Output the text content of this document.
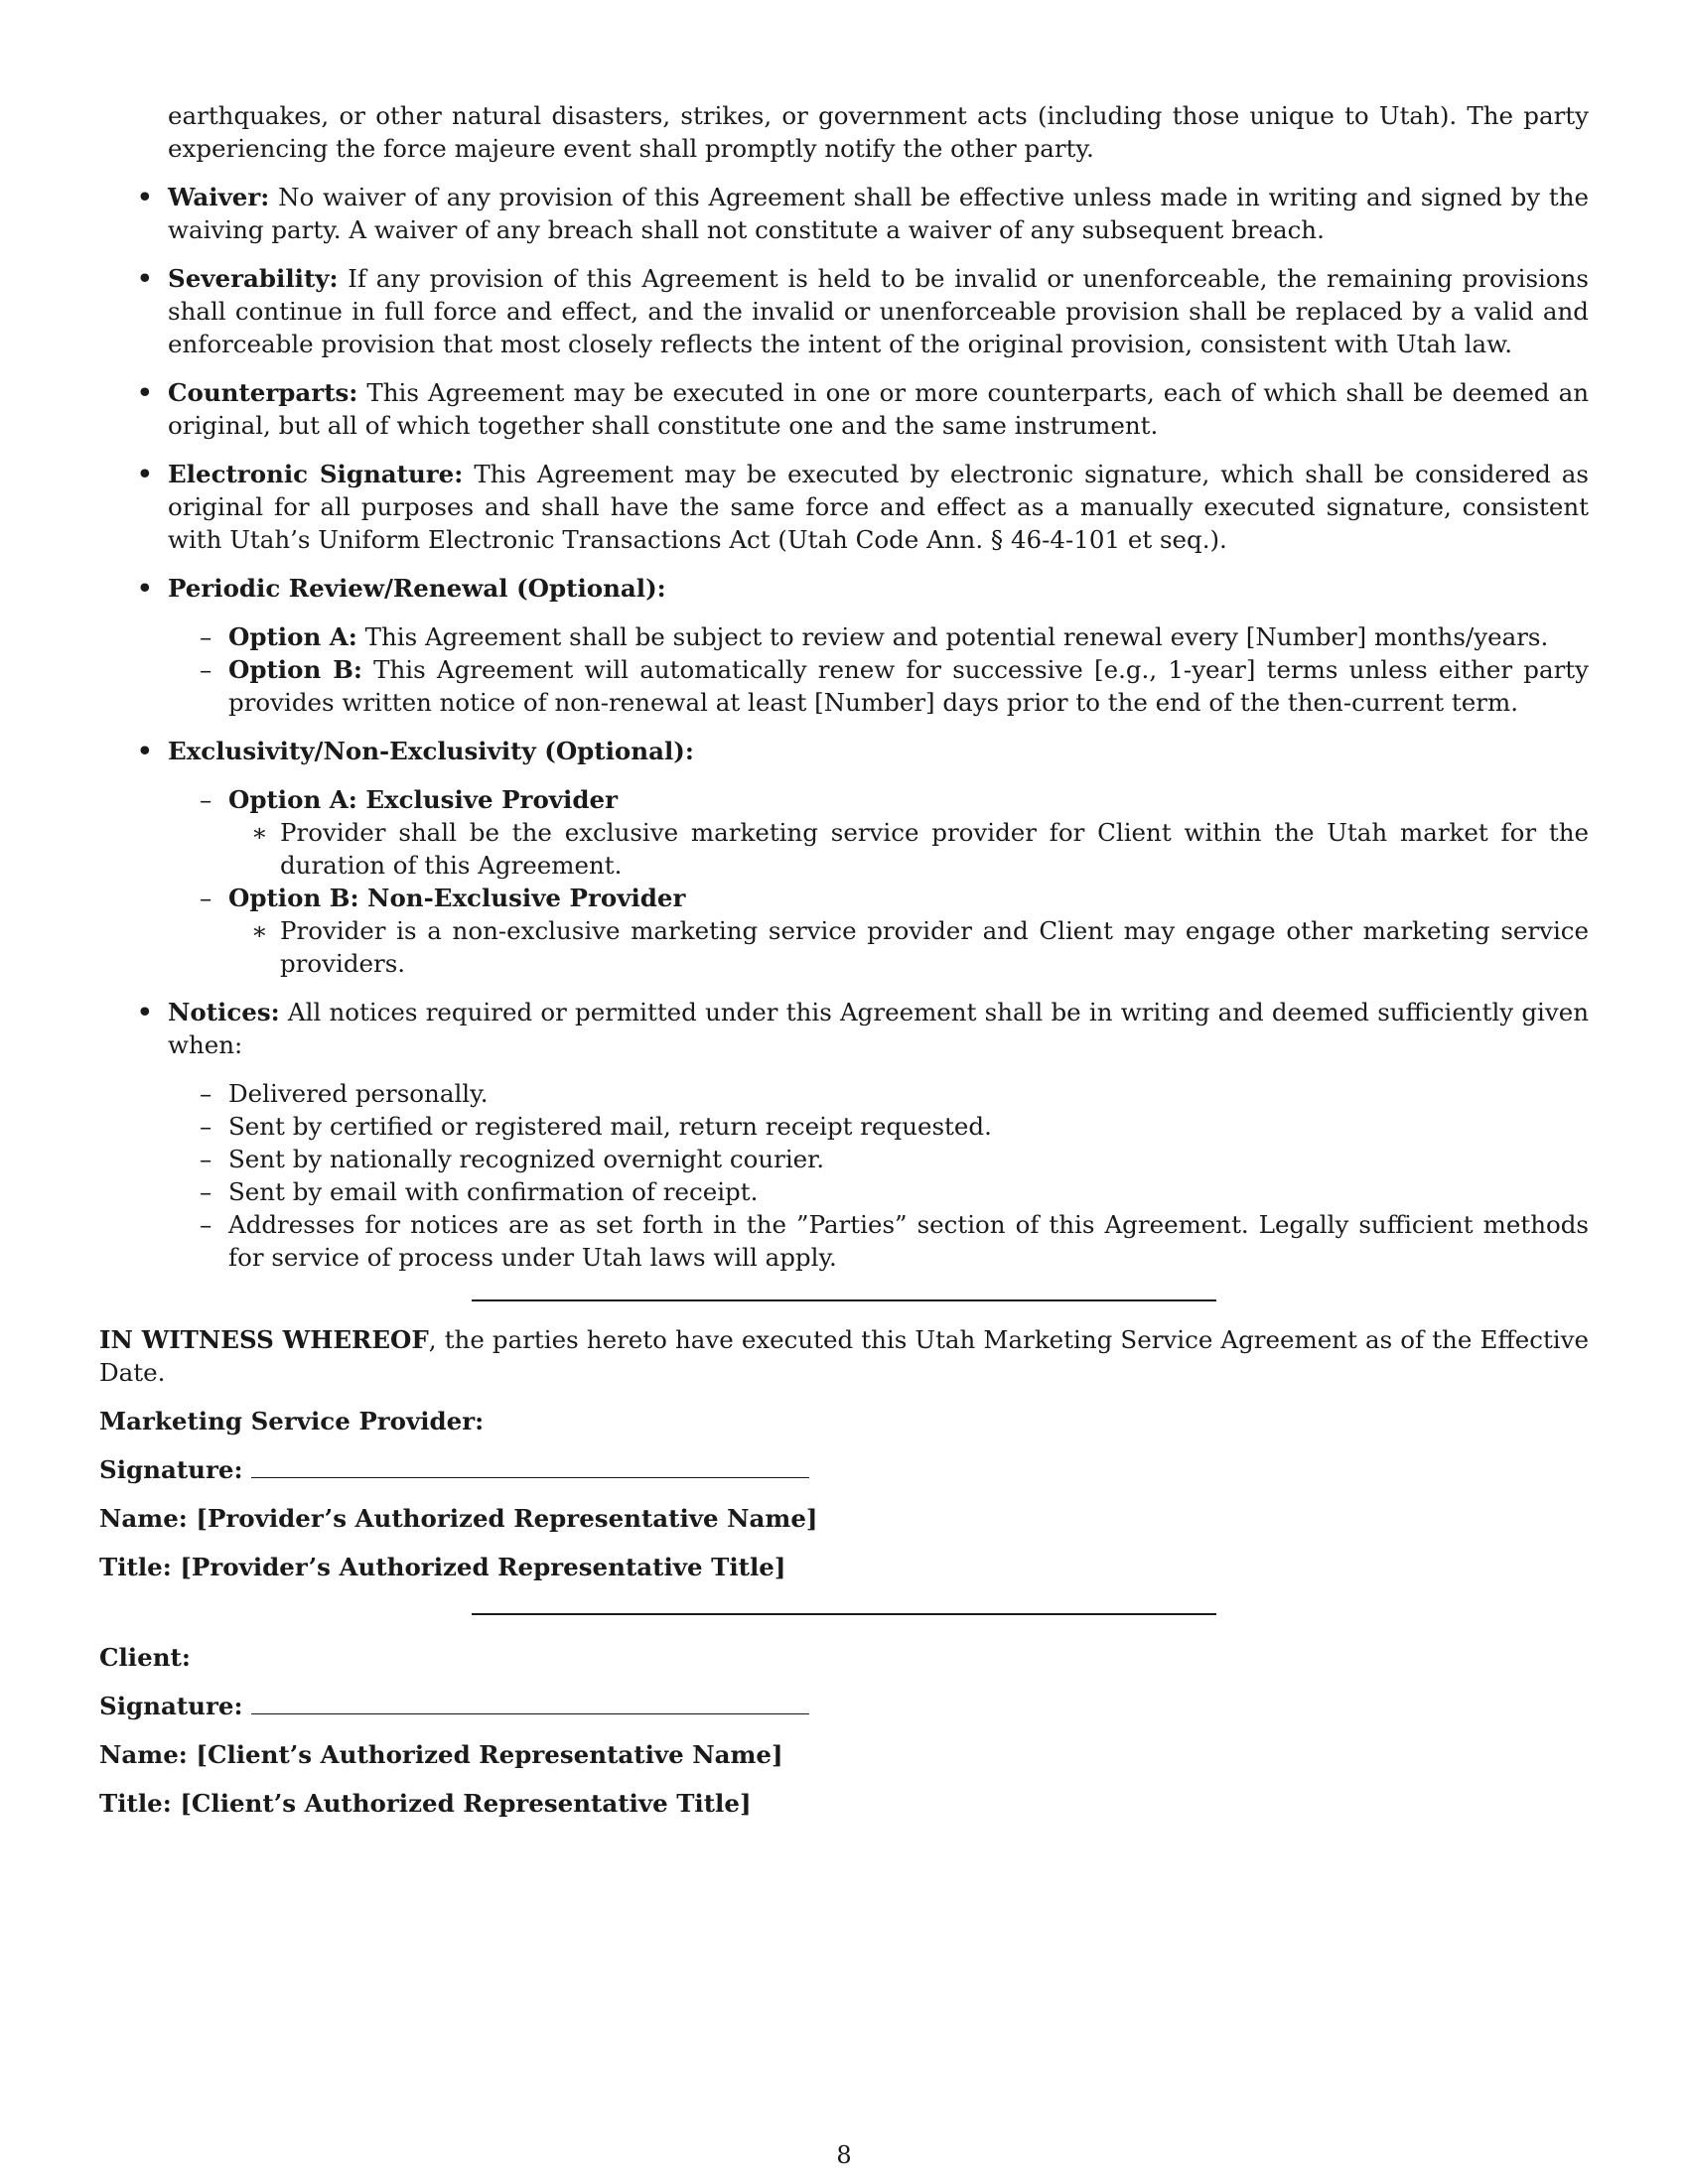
earthquakes, or other natural disasters, strikes, or government acts (including those unique to Utah). The party experiencing the force majeure event shall promptly notify the other party.

• Waiver: No waiver of any provision of this Agreement shall be effective unless made in writing and signed by the waiving party. A waiver of any breach shall not constitute a waiver of any subsequent breach.

• Severability: If any provision of this Agreement is held to be invalid or unenforceable, the remaining provisions shall continue in full force and effect, and the invalid or unenforceable provision shall be replaced by a valid and enforceable provision that most closely reflects the intent of the original provision, consistent with Utah law.

• Counterparts: This Agreement may be executed in one or more counterparts, each of which shall be deemed an original, but all of which together shall constitute one and the same instrument.

• Electronic Signature: This Agreement may be executed by electronic signature, which shall be considered as original for all purposes and shall have the same force and effect as a manually executed signature, consistent with Utah’s Uniform Electronic Transactions Act (Utah Code Ann. § 46-4-101 et seq.).

• Periodic Review/Renewal (Optional):

– Option A: This Agreement shall be subject to review and potential renewal every [Number] months/years.

– Option B: This Agreement will automatically renew for successive [e.g., 1-year] terms unless either party provides written notice of non-renewal at least [Number] days prior to the end of the then-current term.

• Exclusivity/Non-Exclusivity (Optional):

– Option A: Exclusive Provider

∗ Provider shall be the exclusive marketing service provider for Client within the Utah market for the duration of this Agreement.

– Option B: Non-Exclusive Provider

∗ Provider is a non-exclusive marketing service provider and Client may engage other marketing service providers.

• Notices: All notices required or permitted under this Agreement shall be in writing and deemed sufficiently given when:

– Delivered personally.

– Sent by certified or registered mail, return receipt requested.

– Sent by nationally recognized overnight courier.

– Sent by email with confirmation of receipt.

– Addresses for notices are as set forth in the ”Parties” section of this Agreement. Legally sufficient methods for service of process under Utah laws will apply.

IN WITNESS WHEREOF, the parties hereto have executed this Utah Marketing Service Agreement as of the Effective Date.

Marketing Service Provider:

Signature:

Name: [Provider’s Authorized Representative Name]

Title: [Provider’s Authorized Representative Title]

Client:

Signature:

Name: [Client’s Authorized Representative Name]

Title: [Client’s Authorized Representative Title]

8
